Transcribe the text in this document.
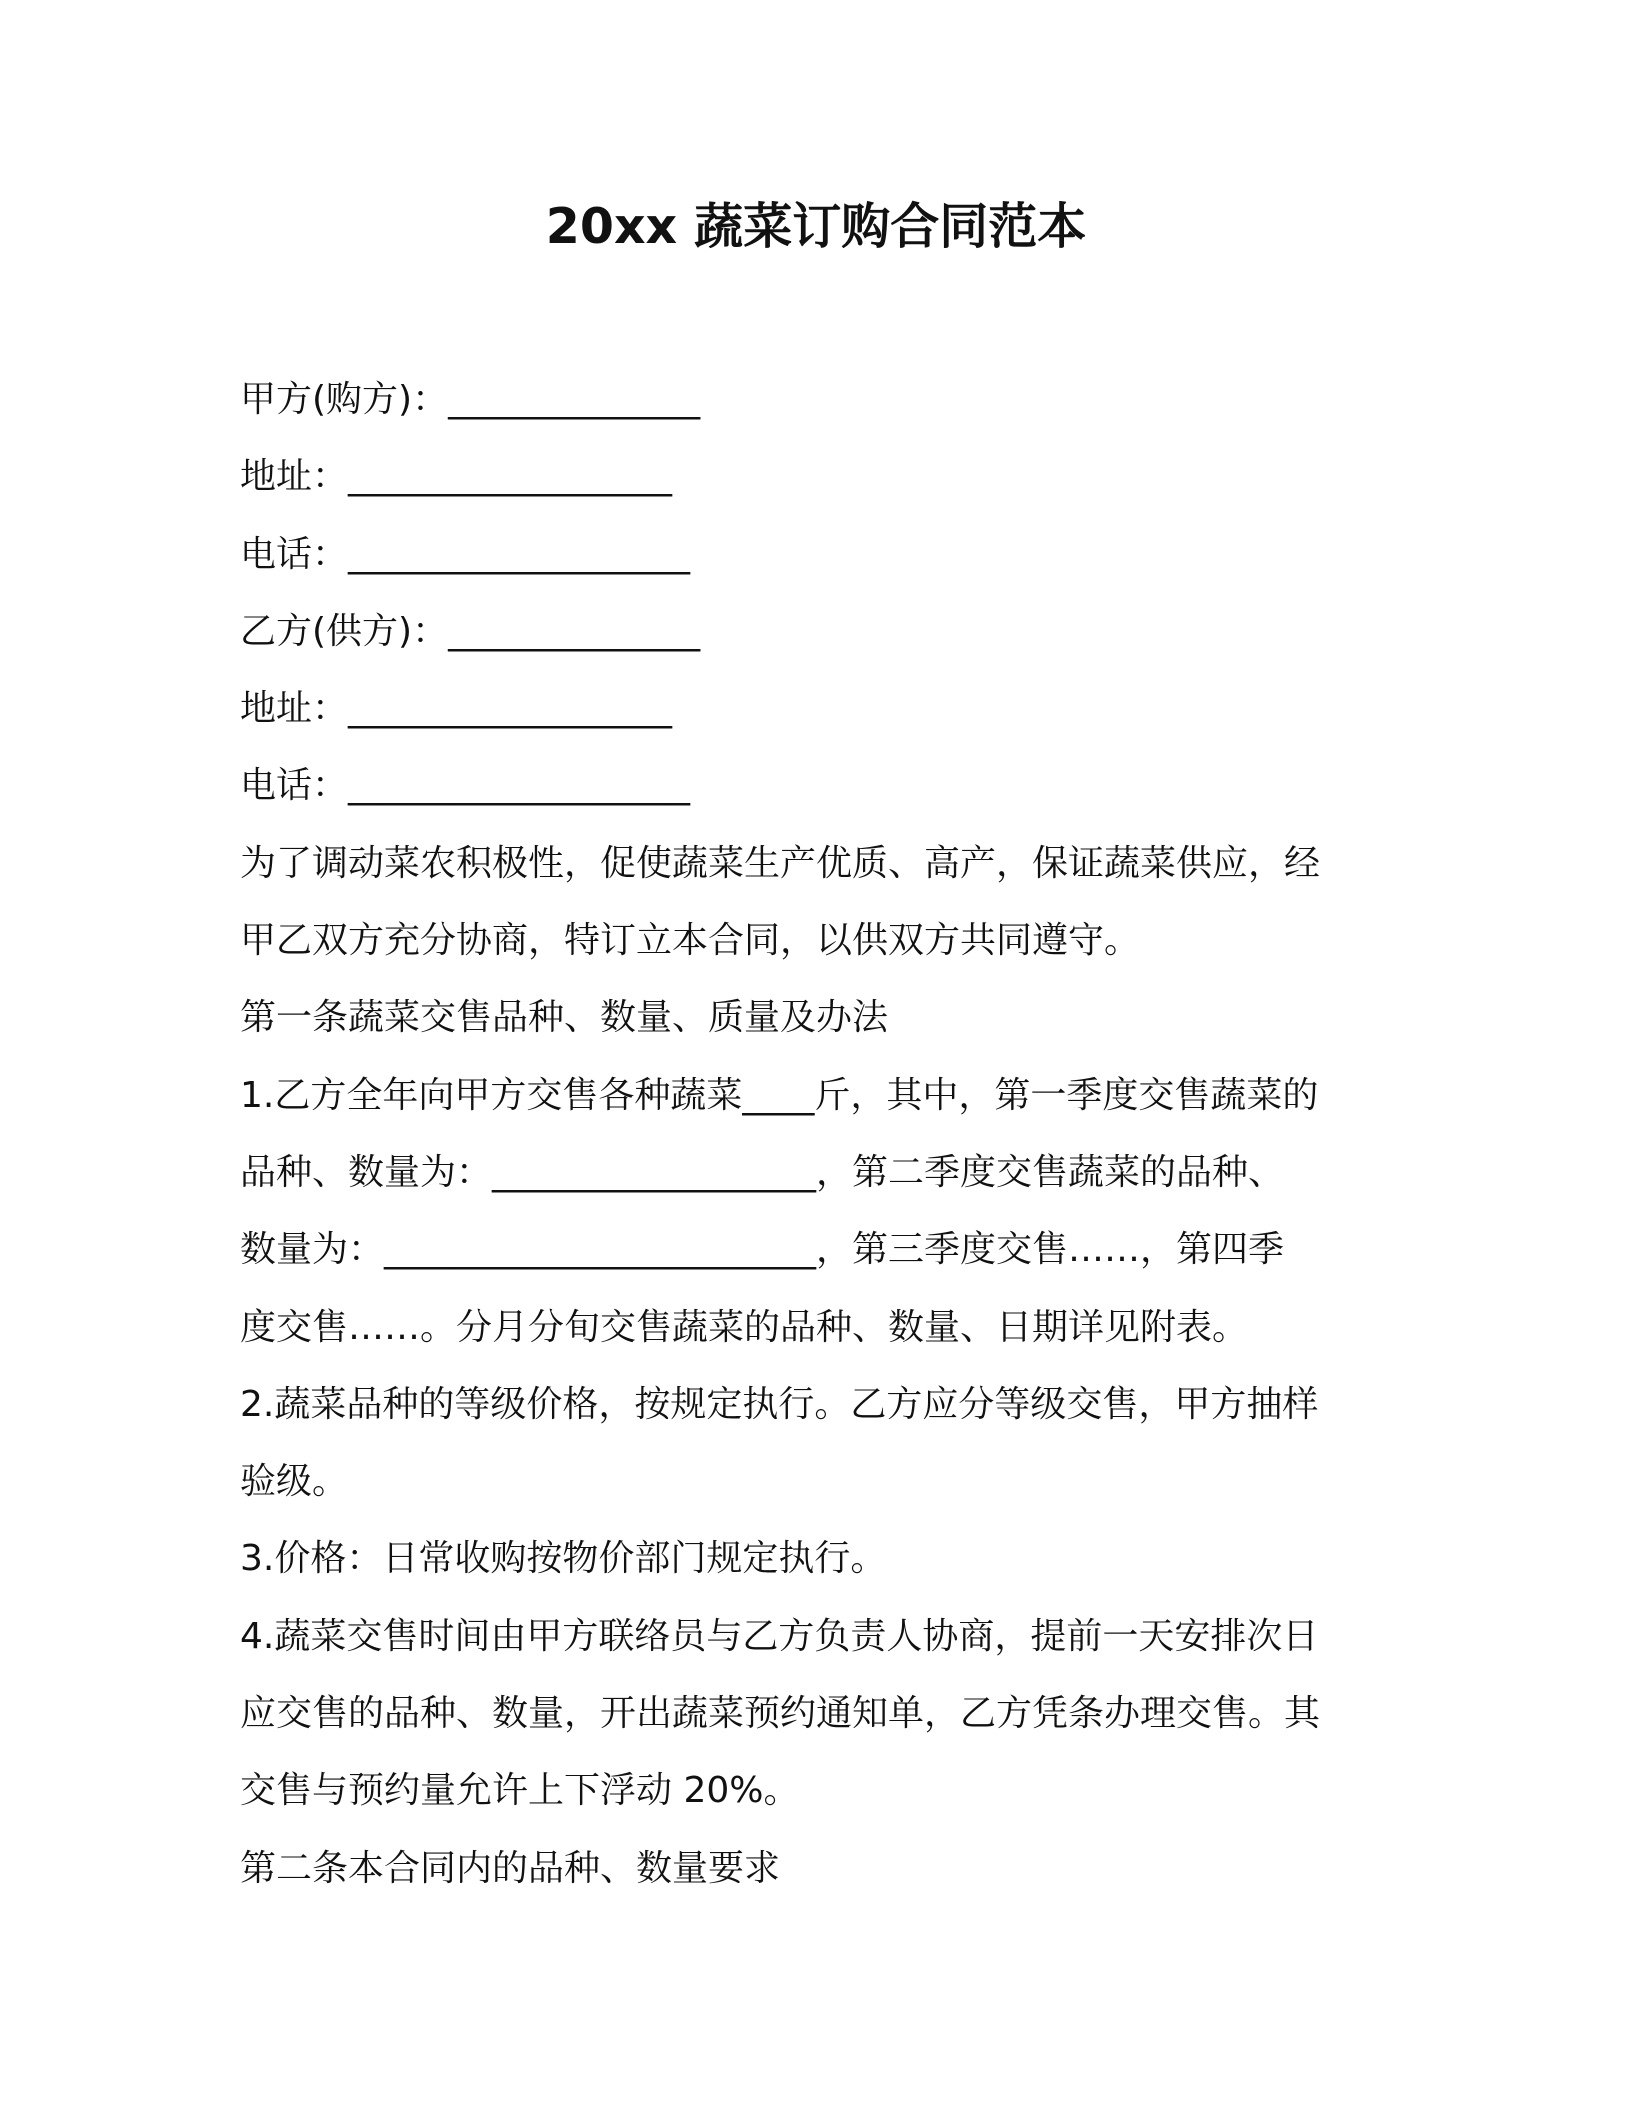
20xx 蔬菜订购合同范本
甲方(购方)：______________
地址：__________________
电话：___________________
乙方(供方)：______________
地址：__________________
电话：___________________
为了调动菜农积极性，促使蔬菜生产优质、高产，保证蔬菜供应，经
甲乙双方充分协商，特订立本合同，以供双方共同遵守。
第一条蔬菜交售品种、数量、质量及办法
1.乙方全年向甲方交售各种蔬菜____斤，其中，第一季度交售蔬菜的
品种、数量为：__________________，第二季度交售蔬菜的品种、
数量为：________________________，第三季度交售……，第四季
度交售……。分月分旬交售蔬菜的品种、数量、日期详见附表。
2.蔬菜品种的等级价格，按规定执行。乙方应分等级交售，甲方抽样
验级。
3.价格：日常收购按物价部门规定执行。
4.蔬菜交售时间由甲方联络员与乙方负责人协商，提前一天安排次日
应交售的品种、数量，开出蔬菜预约通知单，乙方凭条办理交售。其
交售与预约量允许上下浮动 20%。
第二条本合同内的品种、数量要求
